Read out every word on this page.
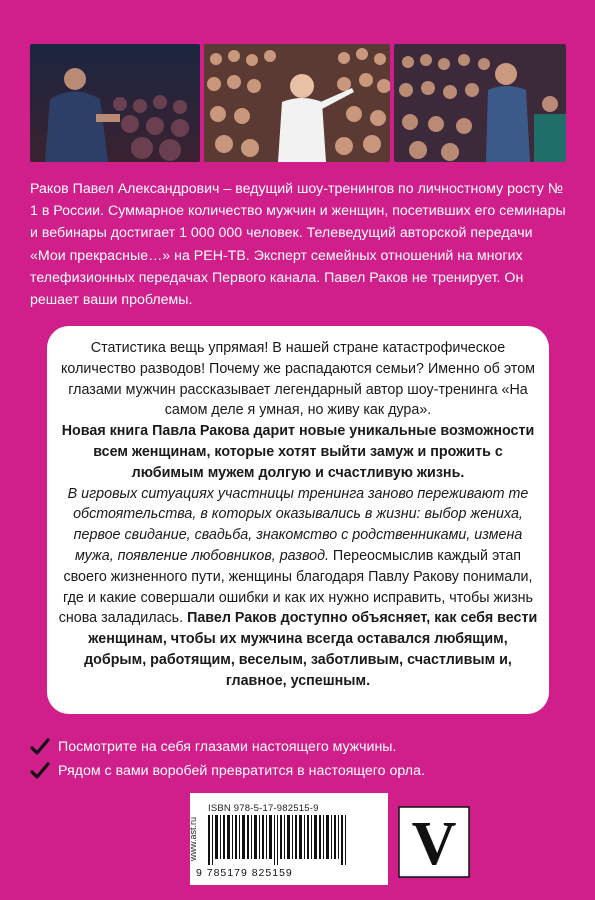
Раков Павел Александрович – ведущий шоу-тренингов по личностному росту № 1 в России. Суммарное количество мужчин и женщин, посетивших его семинары и вебинары достигает 1 000 000 человек. Телеведущий авторской передачи «Мои прекрасные…» на РЕН-ТВ. Эксперт семейных отношений на многих телефизионных передачах Первого канала. Павел Раков не тренирует. Он решает ваши проблемы.

Статистика вещь упрямая! В нашей стране катастрофическое количество разводов! Почему же распадаются семьи? Именно об этом глазами мужчин рассказывает легендарный автор шоу-тренинга «На самом деле я умная, но живу как дура».

Новая книга Павла Ракова дарит новые уникальные возможности всем женщинам, которые хотят выйти замуж и прожить с любимым мужем долгую и счастливую жизнь.

В игровых ситуациях участницы тренинга заново переживают те обстоятельства, в которых оказывались в жизни: выбор жениха, первое свидание, свадьба, знакомство с родственниками, измена мужа, появление любовников, развод. Переосмыслив каждый этап своего жизненного пути, женщины благодаря Павлу Ракову понимали, где и какие совершали ошибки и как их нужно исправить, чтобы жизнь снова заладилась. Павел Раков доступно объясняет, как себя вести женщинам, чтобы их мужчина всегда оставался любящим, добрым, работящим, веселым, заботливым, счастливым и, главное, успешным.

Посмотрите на себя глазами настоящего мужчины.
Рядом с вами воробей превратится в настоящего орла.
www.ast.ru
ISBN 978-5-17-982515-9
9 785179 825159	V
